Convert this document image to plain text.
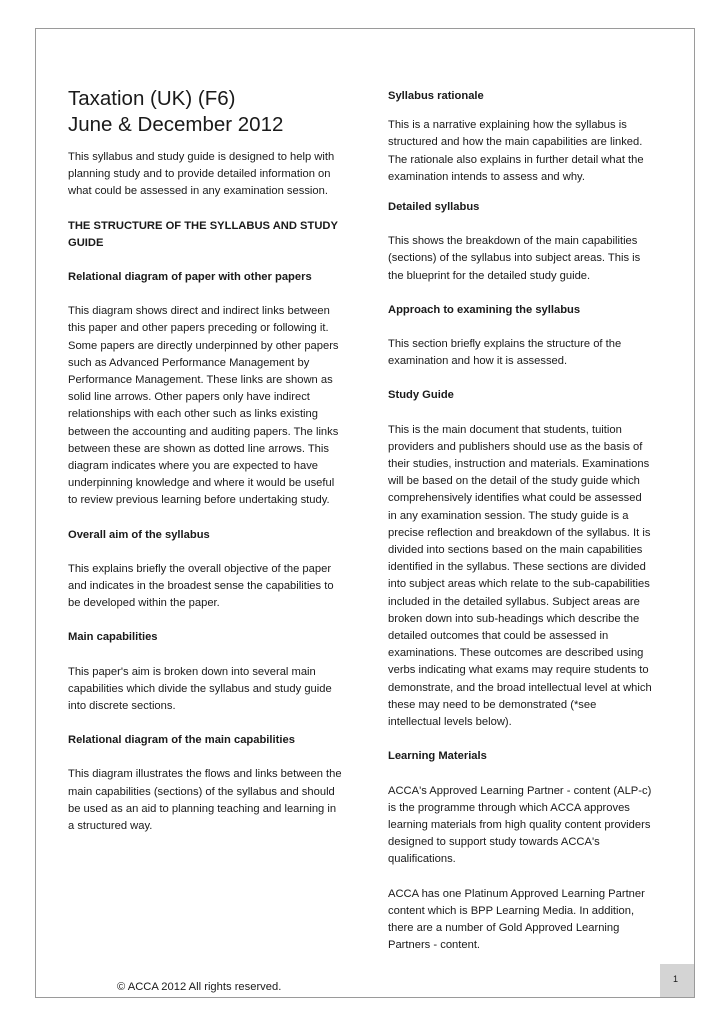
Taxation (UK) (F6)
June & December 2012

This syllabus and study guide is designed to help with planning study and to provide detailed information on what could be assessed in any examination session.

THE STRUCTURE OF THE SYLLABUS AND STUDY GUIDE

Relational diagram of paper with other papers

This diagram shows direct and indirect links between this paper and other papers preceding or following it. Some papers are directly underpinned by other papers such as Advanced Performance Management by Performance Management. These links are shown as solid line arrows. Other papers only have indirect relationships with each other such as links existing between the accounting and auditing papers. The links between these are shown as dotted line arrows. This diagram indicates where you are expected to have underpinning knowledge and where it would be useful to review previous learning before undertaking study.

Overall aim of the syllabus

This explains briefly the overall objective of the paper and indicates in the broadest sense the capabilities to be developed within the paper.

Main capabilities

This paper's aim is broken down into several main capabilities which divide the syllabus and study guide into discrete sections.

Relational diagram of the main capabilities

This diagram illustrates the flows and links between the main capabilities (sections) of the syllabus and should be used as an aid to planning teaching and learning in a structured way.

Syllabus rationale

This is a narrative explaining how the syllabus is structured and how the main capabilities are linked. The rationale also explains in further detail what the examination intends to assess and why.

Detailed syllabus

This shows the breakdown of the main capabilities (sections) of the syllabus into subject areas. This is the blueprint for the detailed study guide.

Approach to examining the syllabus

This section briefly explains the structure of the examination and how it is assessed.

Study Guide

This is the main document that students, tuition providers and publishers should use as the basis of their studies, instruction and materials. Examinations will be based on the detail of the study guide which comprehensively identifies what could be assessed in any examination session. The study guide is a precise reflection and breakdown of the syllabus. It is divided into sections based on the main capabilities identified in the syllabus. These sections are divided into subject areas which relate to the sub-capabilities included in the detailed syllabus. Subject areas are broken down into sub-headings which describe the detailed outcomes that could be assessed in examinations. These outcomes are described using verbs indicating what exams may require students to demonstrate, and the broad intellectual level at which these may need to be demonstrated (*see intellectual levels below).

Learning Materials

ACCA's Approved Learning Partner - content (ALP-c) is the programme through which ACCA approves learning materials from high quality content providers designed to support study towards ACCA's qualifications.

ACCA has one Platinum Approved Learning Partner content which is BPP Learning Media. In addition, there are a number of Gold Approved Learning Partners - content.

© ACCA 2012 All rights reserved.
1
